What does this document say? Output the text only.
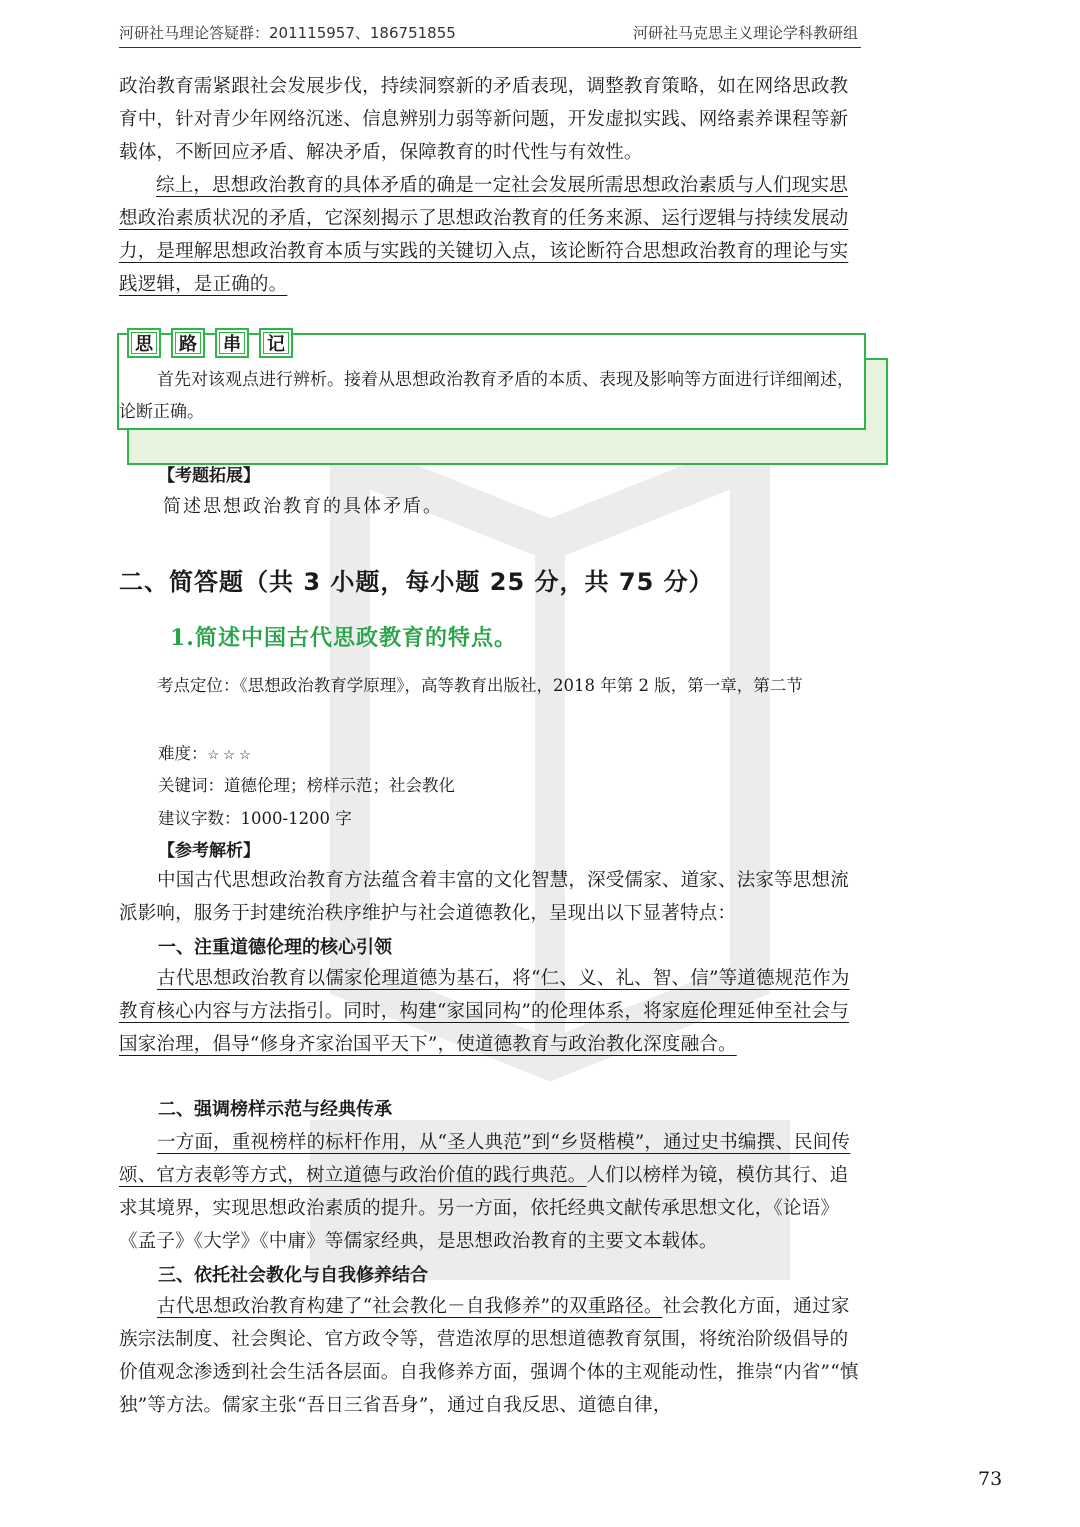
河研社马理论答疑群：201115957、186751855	河研社马克思主义理论学科教研组

政治教育需紧跟社会发展步伐，持续洞察新的矛盾表现，调整教育策略，如在网络思政教育中，针对青少年网络沉迷、信息辨别力弱等新问题，开发虚拟实践、网络素养课程等新载体，不断回应矛盾、解决矛盾，保障教育的时代性与有效性。

综上，思想政治教育的具体矛盾的确是一定社会发展所需思想政治素质与人们现实思想政治素质状况的矛盾，它深刻揭示了思想政治教育的任务来源、运行逻辑与持续发展动力，是理解思想政治教育本质与实践的关键切入点，该论断符合思想政治教育的理论与实践逻辑，是正确的。

思	路	串	记

首先对该观点进行辨析。接着从思想政治教育矛盾的本质、表现及影响等方面进行详细阐述，论断正确。

【考题拓展】
简述思想政治教育的具体矛盾。
二、简答题（共 3 小题，每小题 25 分，共 75 分）
1.简述中国古代思政教育的特点。

考点定位：《思想政治教育学原理》，高等教育出版社，2018 年第 2 版，第一章，第二节

难度：☆ ☆ ☆
关键词：道德伦理；榜样示范；社会教化
建议字数：1000-1200 字
【参考解析】

中国古代思想政治教育方法蕴含着丰富的文化智慧，深受儒家、道家、法家等思想流派影响，服务于封建统治秩序维护与社会道德教化，呈现出以下显著特点：

一、注重道德伦理的核心引领

古代思想政治教育以儒家伦理道德为基石，将“仁、义、礼、智、信”等道德规范作为教育核心内容与方法指引。同时，构建“家国同构”的伦理体系，将家庭伦理延伸至社会与国家治理，倡导“修身齐家治国平天下”，使道德教育与政治教化深度融合。

二、强调榜样示范与经典传承

一方面，重视榜样的标杆作用，从“圣人典范”到“乡贤楷模”，通过史书编撰、民间传颂、官方表彰等方式，树立道德与政治价值的践行典范。人们以榜样为镜，模仿其行、追求其境界，实现思想政治素质的提升。另一方面，依托经典文献传承思想文化，《论语》《孟子》《大学》《中庸》等儒家经典，是思想政治教育的主要文本载体。

三、依托社会教化与自我修养结合

古代思想政治教育构建了“社会教化－自我修养”的双重路径。社会教化方面，通过家族宗法制度、社会舆论、官方政令等，营造浓厚的思想道德教育氛围，将统治阶级倡导的价值观念渗透到社会生活各层面。自我修养方面，强调个体的主观能动性，推崇“内省”“慎独”等方法。儒家主张“吾日三省吾身”，通过自我反思、道德自律，

73
